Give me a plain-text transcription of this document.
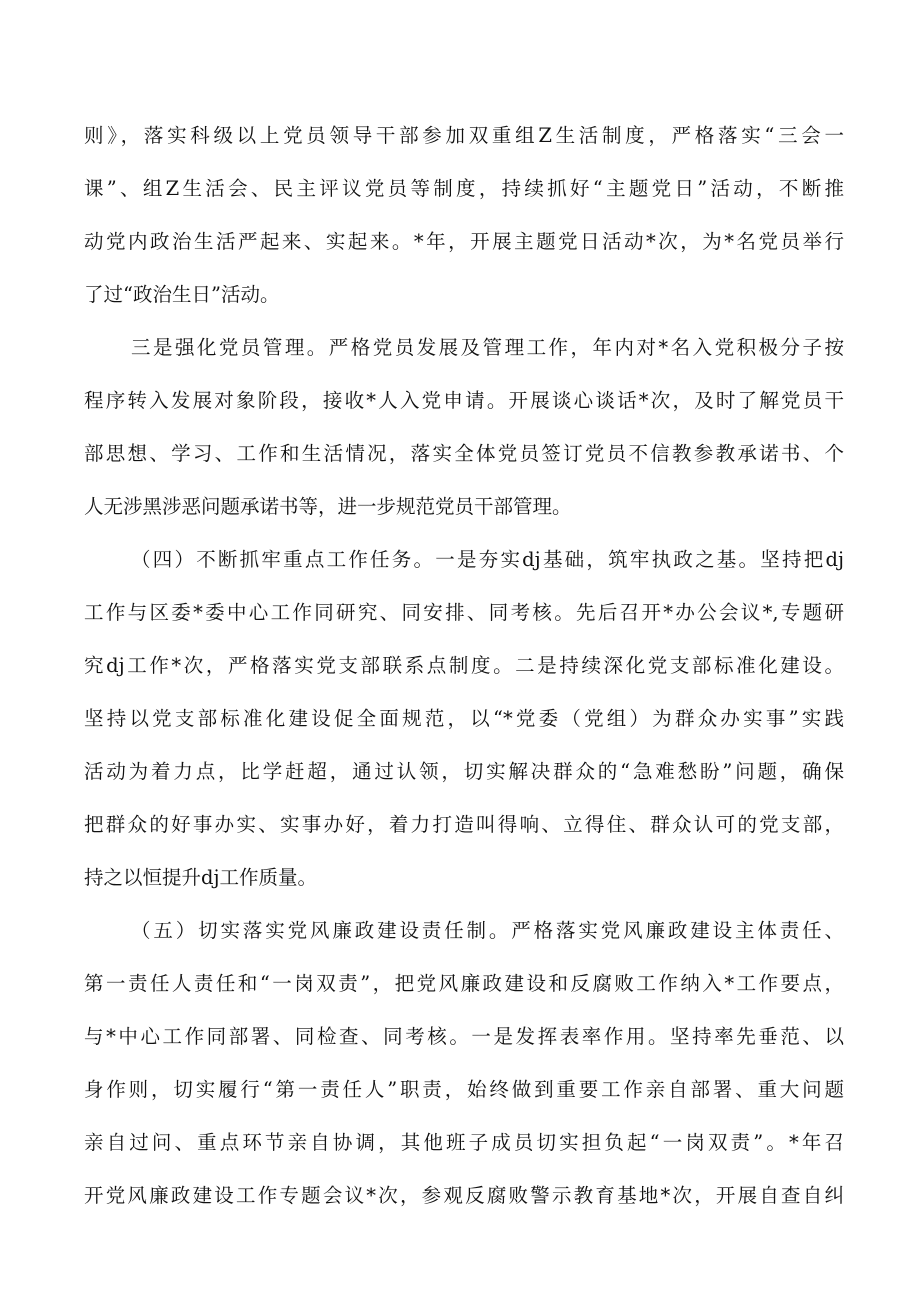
则》，落实科级以上党员领导干部参加双重组Z生活制度，严格落实“三会一
课”、组Z生活会、民主评议党员等制度，持续抓好“主题党日”活动，不断推
动党内政治生活严起来、实起来。*年，开展主题党日活动*次，为*名党员举行
了过“政治生日”活动。
三是强化党员管理。严格党员发展及管理工作，年内对*名入党积极分子按
程序转入发展对象阶段，接收*人入党申请。开展谈心谈话*次，及时了解党员干
部思想、学习、工作和生活情况，落实全体党员签订党员不信教参教承诺书、个
人无涉黑涉恶问题承诺书等，进一步规范党员干部管理。
（四）不断抓牢重点工作任务。一是夯实dj基础，筑牢执政之基。坚持把dj
工作与区委*委中心工作同研究、同安排、同考核。先后召开*办公会议*,专题研
究dj工作*次，严格落实党支部联系点制度。二是持续深化党支部标准化建设。
坚持以党支部标准化建设促全面规范，以“*党委（党组）为群众办实事”实践
活动为着力点，比学赶超，通过认领，切实解决群众的“急难愁盼”问题，确保
把群众的好事办实、实事办好，着力打造叫得响、立得住、群众认可的党支部，
持之以恒提升dj工作质量。
（五）切实落实党风廉政建设责任制。严格落实党风廉政建设主体责任、
第一责任人责任和“一岗双责”，把党风廉政建设和反腐败工作纳入*工作要点，
与*中心工作同部署、同检查、同考核。一是发挥表率作用。坚持率先垂范、以
身作则，切实履行“第一责任人”职责，始终做到重要工作亲自部署、重大问题
亲自过问、重点环节亲自协调，其他班子成员切实担负起“一岗双责”。*年召
开党风廉政建设工作专题会议*次，参观反腐败警示教育基地*次，开展自查自纠
